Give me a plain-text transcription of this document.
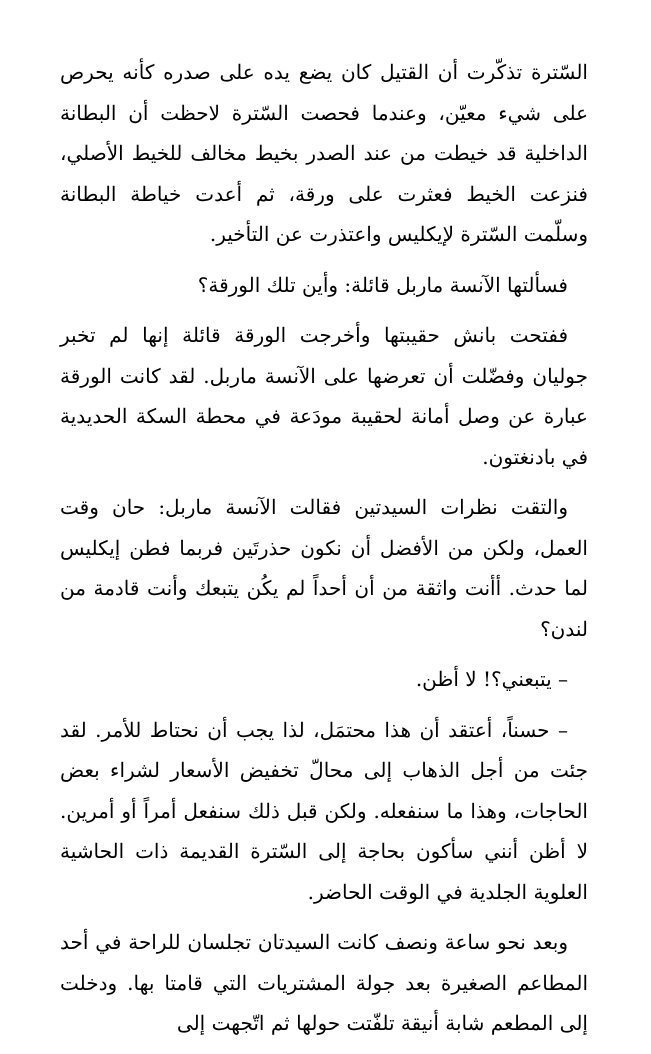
السّترة تذكّرت أن القتيل كان يضع يده على صدره كأنه يحرص على شيء معيّن، وعندما فحصت السّترة لاحظت أن البطانة الداخلية قد خيطت من عند الصدر بخيط مخالف للخيط الأصلي، فنزعت الخيط فعثرت على ورقة، ثم أعدت خياطة البطانة وسلّمت السّترة لإيكليس واعتذرت عن التأخير.

فسألتها الآنسة ماربل قائلة: وأين تلك الورقة؟

ففتحت بانش حقيبتها وأخرجت الورقة قائلة إنها لم تخبر جوليان وفضّلت أن تعرضها على الآنسة ماربل. لقد كانت الورقة عبارة عن وصل أمانة لحقيبة مودَعة في محطة السكة الحديدية في بادنغتون.

والتقت نظرات السيدتين فقالت الآنسة ماربل: حان وقت العمل، ولكن من الأفضل أن نكون حذرتَين فربما فطن إيكليس لما حدث. أأنت واثقة من أن أحداً لم يكُن يتبعك وأنت قادمة من لندن؟

– يتبعني؟! لا أظن.

– حسناً، أعتقد أن هذا محتمَل، لذا يجب أن نحتاط للأمر. لقد جئت من أجل الذهاب إلى محالّ تخفيض الأسعار لشراء بعض الحاجات، وهذا ما سنفعله. ولكن قبل ذلك سنفعل أمراً أو أمرين. لا أظن أنني سأكون بحاجة إلى السّترة القديمة ذات الحاشية العلوية الجلدية في الوقت الحاضر.

وبعد نحو ساعة ونصف كانت السيدتان تجلسان للراحة في أحد المطاعم الصغيرة بعد جولة المشتريات التي قامتا بها. ودخلت إلى المطعم شابة أنيقة تلفّتت حولها ثم اتّجهت إلى
